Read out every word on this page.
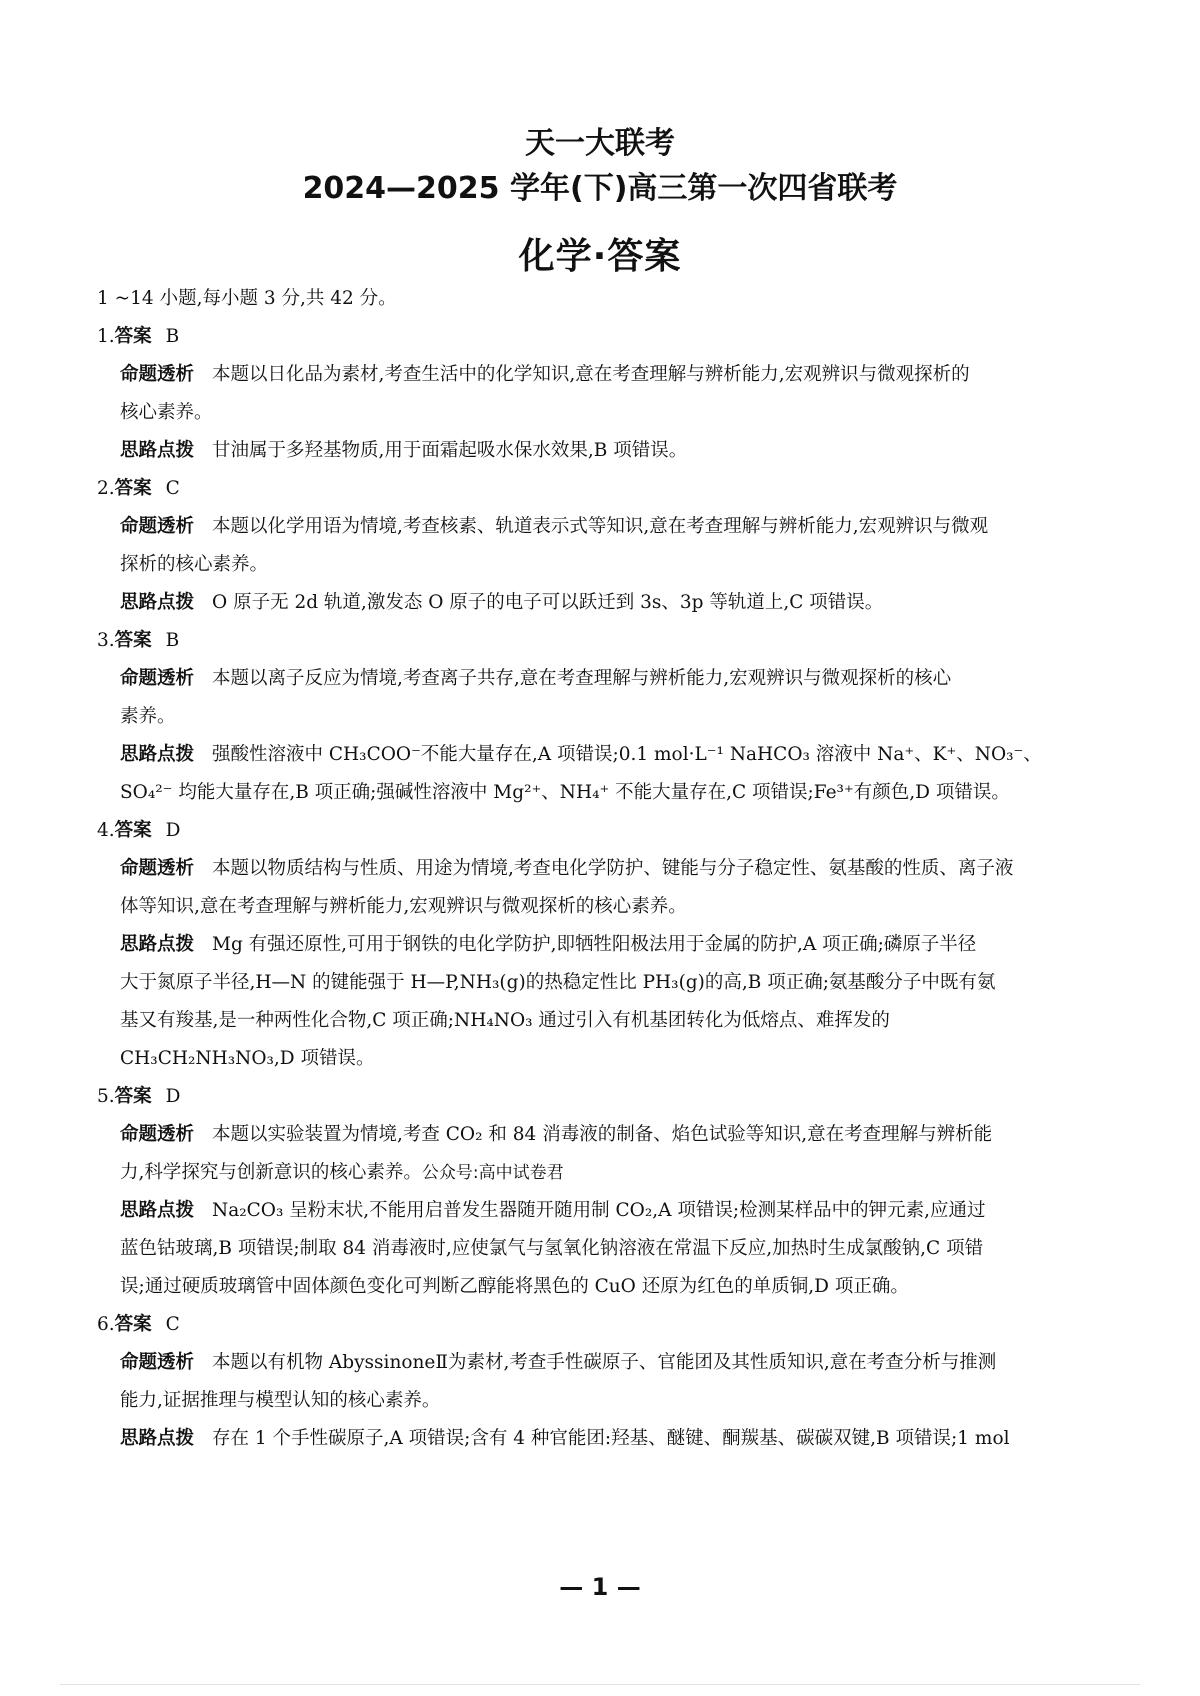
天一大联考
2024—2025 学年(下)高三第一次四省联考
化学·答案
1 ~14 小题,每小题 3 分,共 42 分。
1.答案 B
命题透析 本题以日化品为素材,考查生活中的化学知识,意在考查理解与辨析能力,宏观辨识与微观探析的
核心素养。
思路点拨 甘油属于多羟基物质,用于面霜起吸水保水效果,B 项错误。
2.答案 C
命题透析 本题以化学用语为情境,考查核素、轨道表示式等知识,意在考查理解与辨析能力,宏观辨识与微观
探析的核心素养。
思路点拨 O 原子无 2d 轨道,激发态 O 原子的电子可以跃迁到 3s、3p 等轨道上,C 项错误。
3.答案 B
命题透析 本题以离子反应为情境,考查离子共存,意在考查理解与辨析能力,宏观辨识与微观探析的核心
素养。
思路点拨 强酸性溶液中 CH₃COO⁻不能大量存在,A 项错误;0.1 mol·L⁻¹ NaHCO₃ 溶液中 Na⁺、K⁺、NO₃⁻、
SO₄²⁻ 均能大量存在,B 项正确;强碱性溶液中 Mg²⁺、NH₄⁺ 不能大量存在,C 项错误;Fe³⁺有颜色,D 项错误。
4.答案 D
命题透析 本题以物质结构与性质、用途为情境,考查电化学防护、键能与分子稳定性、氨基酸的性质、离子液
体等知识,意在考查理解与辨析能力,宏观辨识与微观探析的核心素养。
思路点拨 Mg 有强还原性,可用于钢铁的电化学防护,即牺牲阳极法用于金属的防护,A 项正确;磷原子半径
大于氮原子半径,H—N 的键能强于 H—P,NH₃(g)的热稳定性比 PH₃(g)的高,B 项正确;氨基酸分子中既有氨
基又有羧基,是一种两性化合物,C 项正确;NH₄NO₃ 通过引入有机基团转化为低熔点、难挥发的
CH₃CH₂NH₃NO₃,D 项错误。
5.答案 D
命题透析 本题以实验装置为情境,考查 CO₂ 和 84 消毒液的制备、焰色试验等知识,意在考查理解与辨析能
力,科学探究与创新意识的核心素养。公众号:高中试卷君
思路点拨 Na₂CO₃ 呈粉末状,不能用启普发生器随开随用制 CO₂,A 项错误;检测某样品中的钾元素,应通过
蓝色钴玻璃,B 项错误;制取 84 消毒液时,应使氯气与氢氧化钠溶液在常温下反应,加热时生成氯酸钠,C 项错
误;通过硬质玻璃管中固体颜色变化可判断乙醇能将黑色的 CuO 还原为红色的单质铜,D 项正确。
6.答案 C
命题透析 本题以有机物 AbyssinoneⅡ为素材,考查手性碳原子、官能团及其性质知识,意在考查分析与推测
能力,证据推理与模型认知的核心素养。
思路点拨 存在 1 个手性碳原子,A 项错误;含有 4 种官能团:羟基、醚键、酮羰基、碳碳双键,B 项错误;1 mol
— 1 —
